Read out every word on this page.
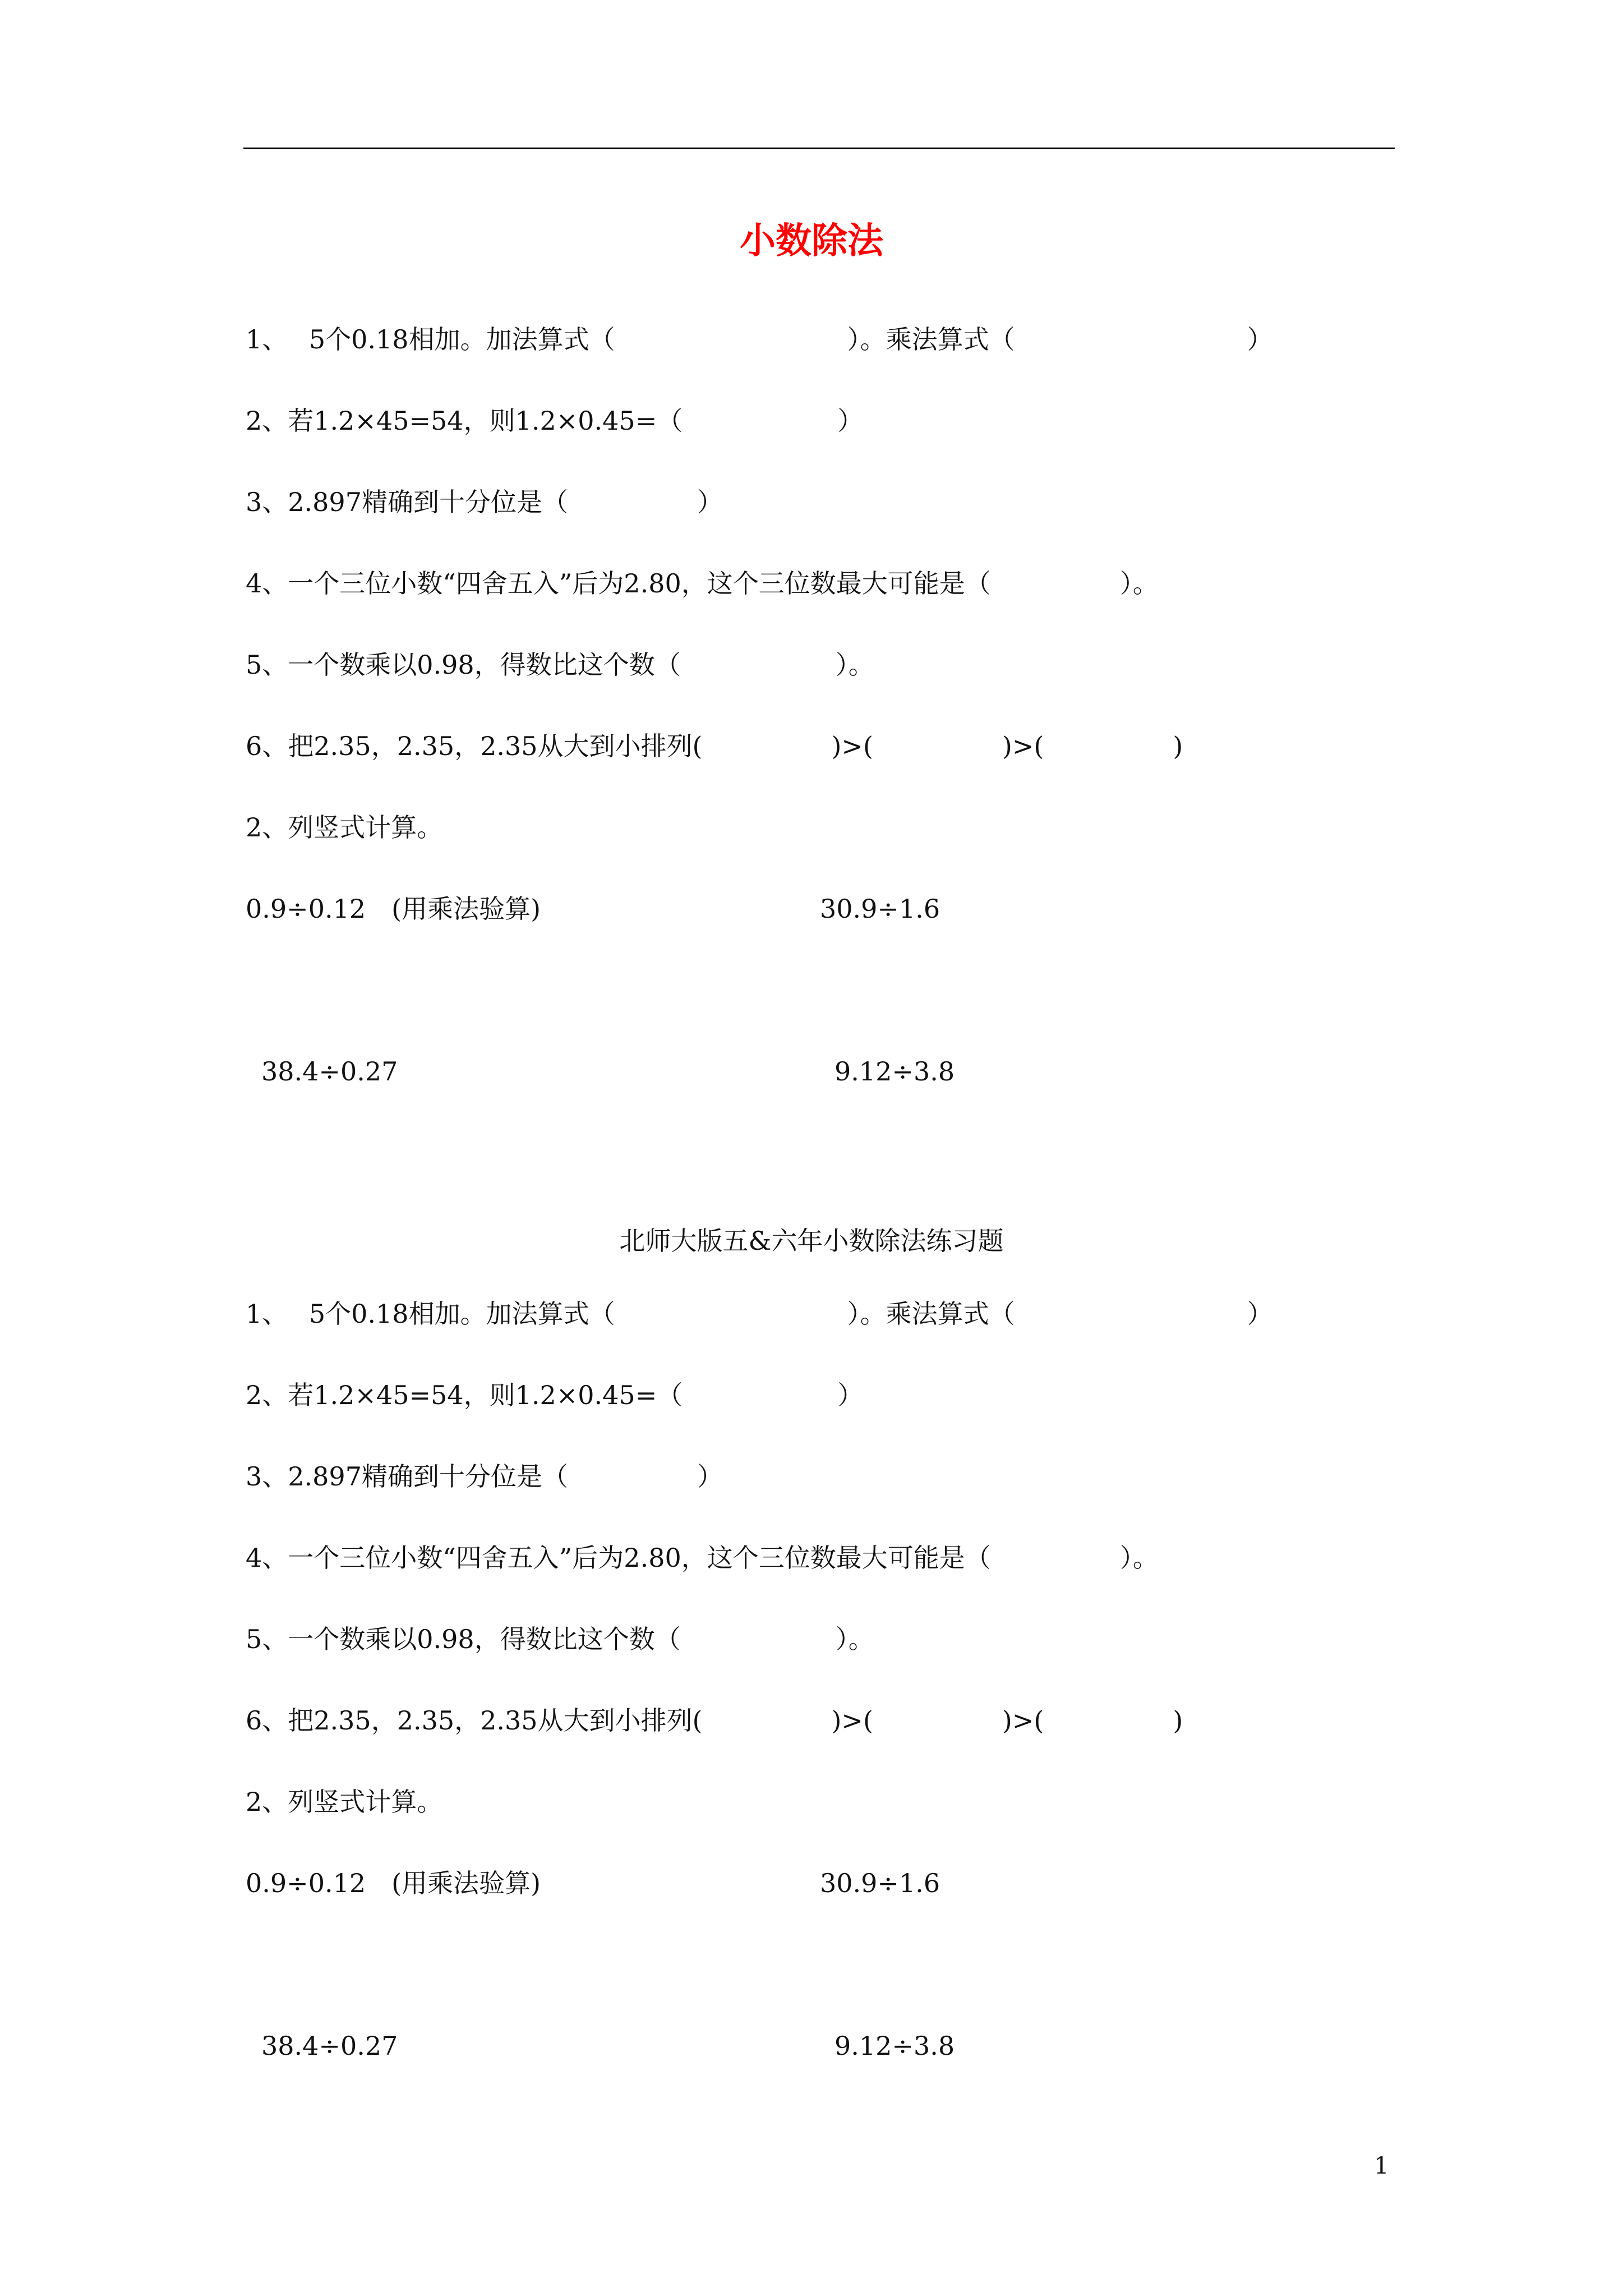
小数除法
1、　 5个0.18相加。加法算式（　　　　　　　　　）。乘法算式（　　　　　　　　　）
2、若1.2×45=54，则1.2×0.45=（　　　　　　）
3、2.897精确到十分位是（　　　　　）
4、一个三位小数“四舍五入”后为2.80，这个三位数最大可能是（　　　　　）。
5、一个数乘以0.98，得数比这个数（　　　　　　）。
6、把2.35，2.35，2.35从大到小排列(　　　　　)>(　　　　　)>(　　　　　)
2、列竖式计算。
0.9÷0.12　(用乘法验算)	30.9÷1.6
38.4÷0.27	9.12÷3.8
北师大版五&六年小数除法练习题
1、　 5个0.18相加。加法算式（　　　　　　　　　）。乘法算式（　　　　　　　　　）
2、若1.2×45=54，则1.2×0.45=（　　　　　　）
3、2.897精确到十分位是（　　　　　）
4、一个三位小数“四舍五入”后为2.80，这个三位数最大可能是（　　　　　）。
5、一个数乘以0.98，得数比这个数（　　　　　　）。
6、把2.35，2.35，2.35从大到小排列(　　　　　)>(　　　　　)>(　　　　　)
2、列竖式计算。
0.9÷0.12　(用乘法验算)	30.9÷1.6
38.4÷0.27	9.12÷3.8
1
